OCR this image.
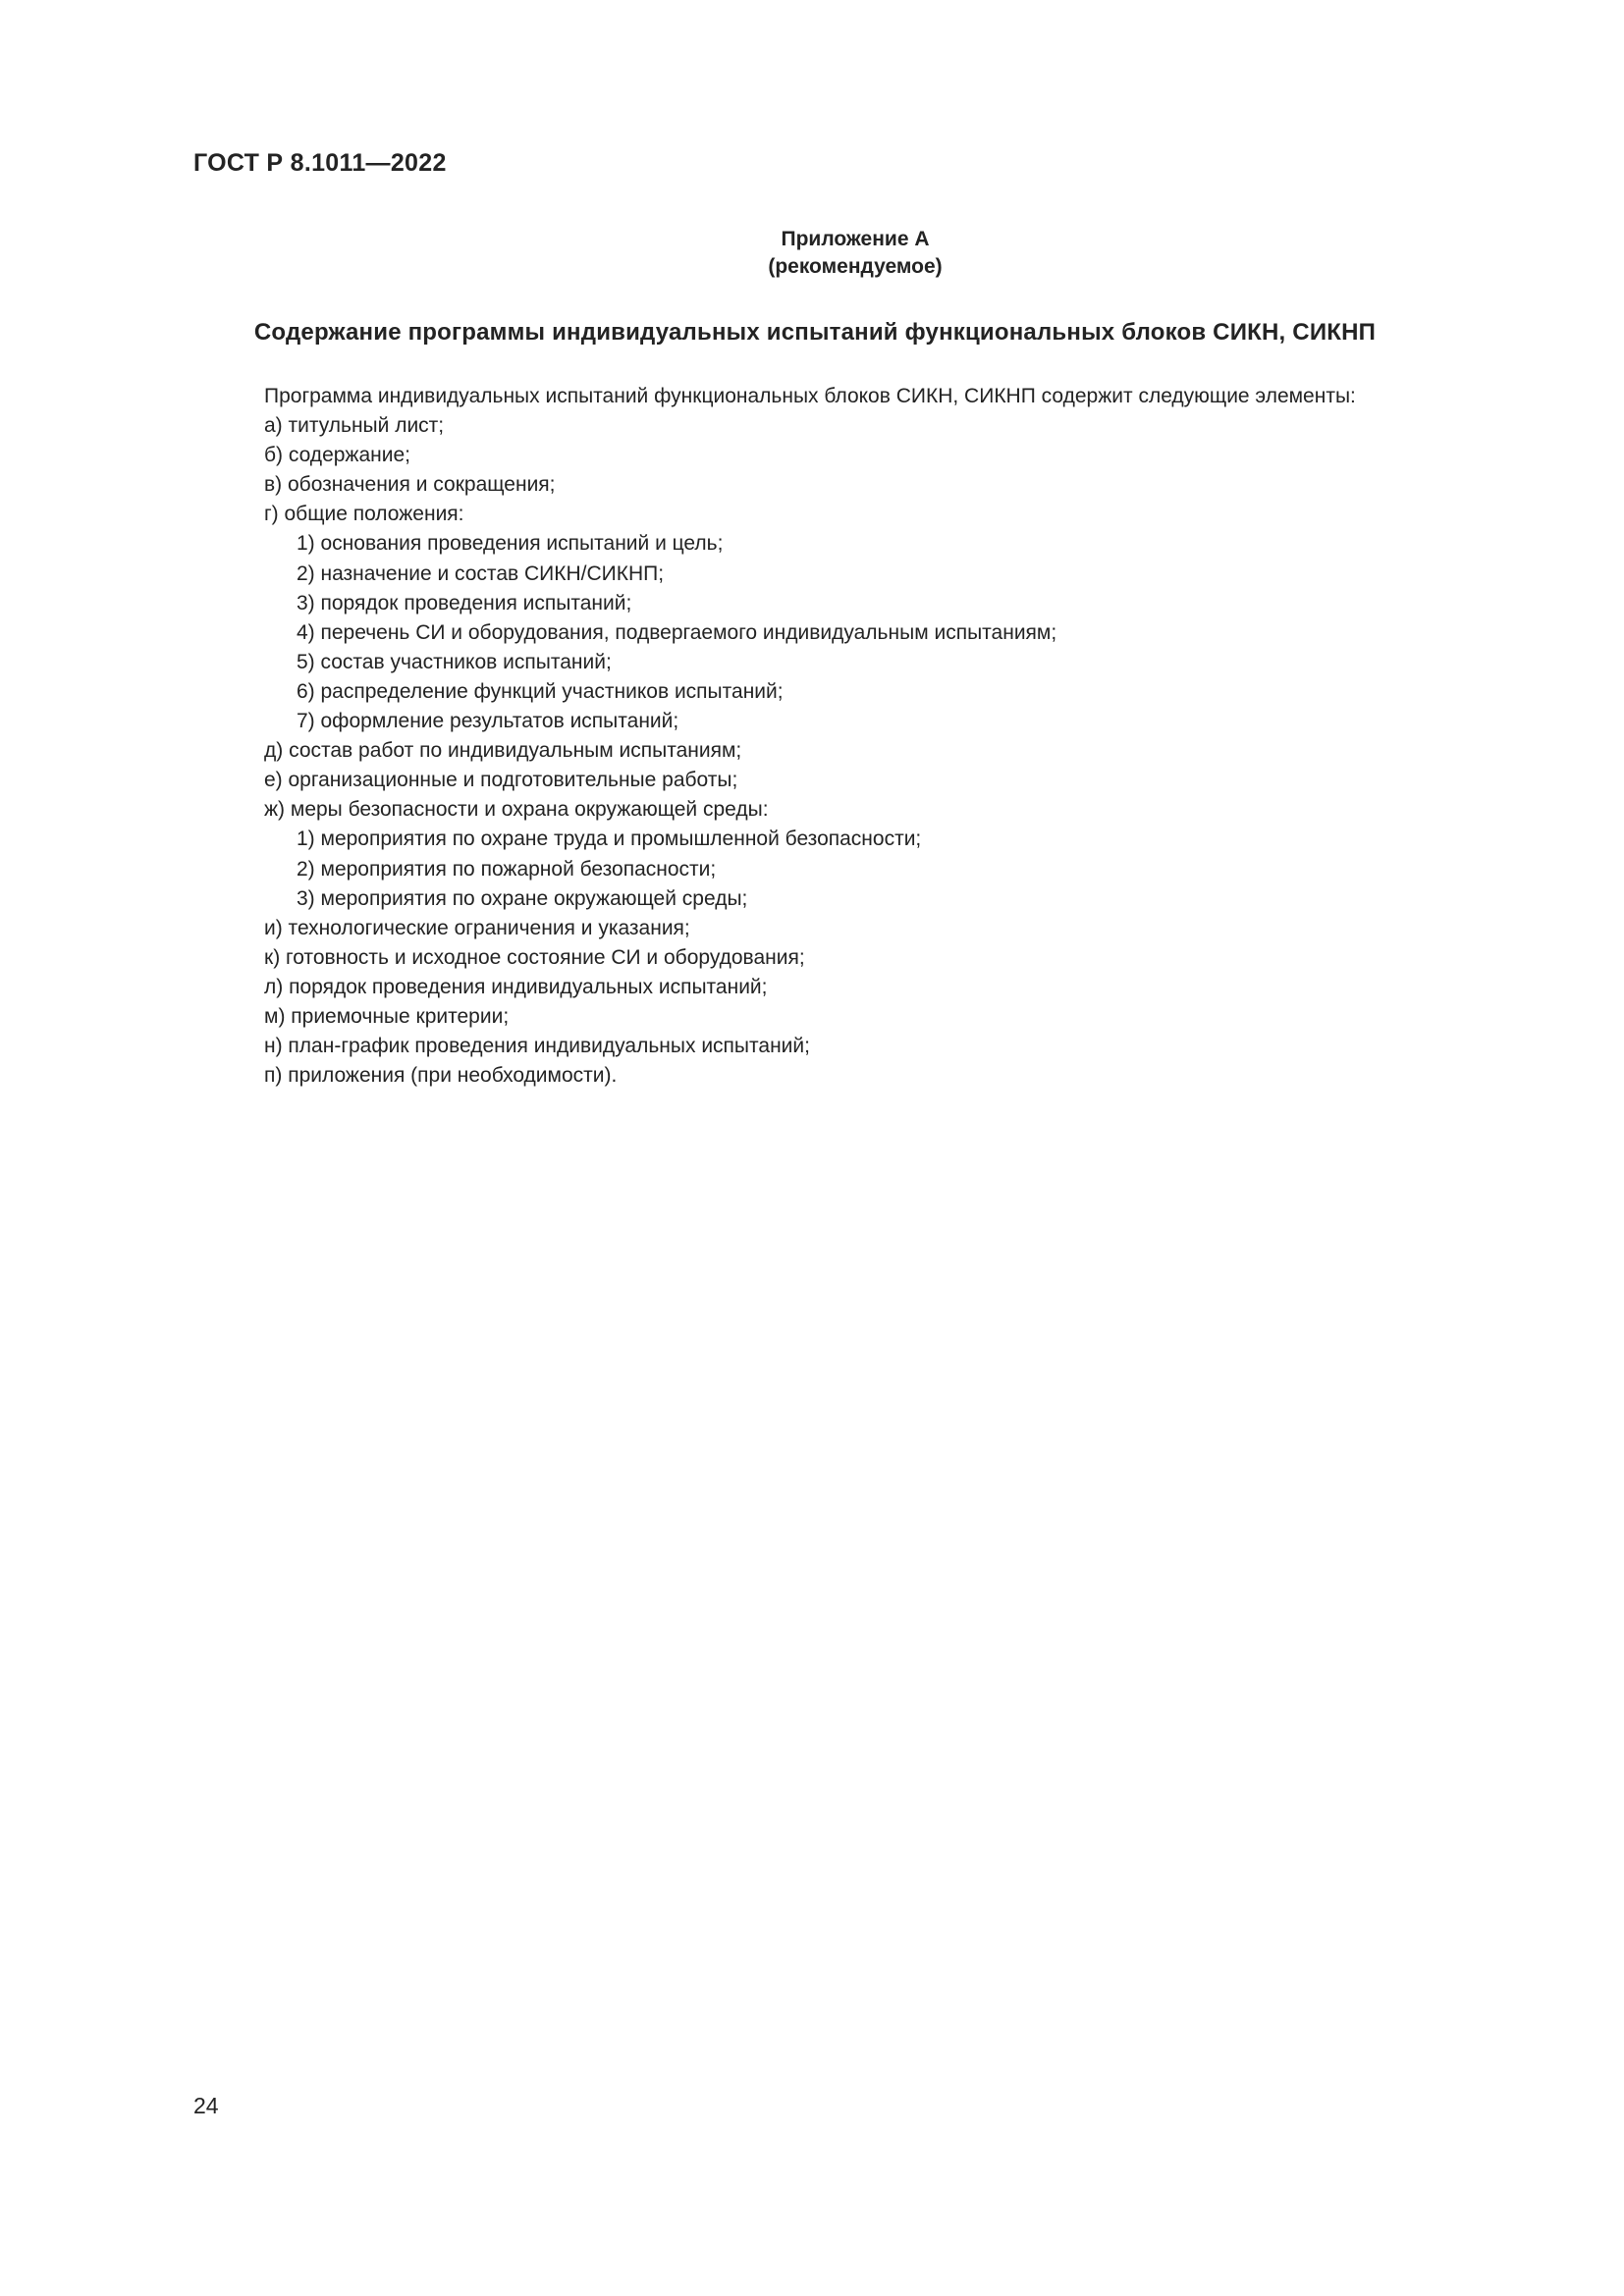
ГОСТ Р 8.1011—2022
Приложение А
(рекомендуемое)
Содержание программы индивидуальных испытаний функциональных блоков СИКН, СИКНП
Программа индивидуальных испытаний функциональных блоков СИКН, СИКНП содержит следующие элементы:
а) титульный лист;
б) содержание;
в) обозначения и сокращения;
г) общие положения:
1) основания проведения испытаний и цель;
2) назначение и состав СИКН/СИКНП;
3) порядок проведения испытаний;
4) перечень СИ и оборудования, подвергаемого индивидуальным испытаниям;
5) состав участников испытаний;
6) распределение функций участников испытаний;
7) оформление результатов испытаний;
д) состав работ по индивидуальным испытаниям;
е) организационные и подготовительные работы;
ж) меры безопасности и охрана окружающей среды:
1) мероприятия по охране труда и промышленной безопасности;
2) мероприятия по пожарной безопасности;
3) мероприятия по охране окружающей среды;
и) технологические ограничения и указания;
к) готовность и исходное состояние СИ и оборудования;
л) порядок проведения индивидуальных испытаний;
м) приемочные критерии;
н) план-график проведения индивидуальных испытаний;
п) приложения (при необходимости).
24
